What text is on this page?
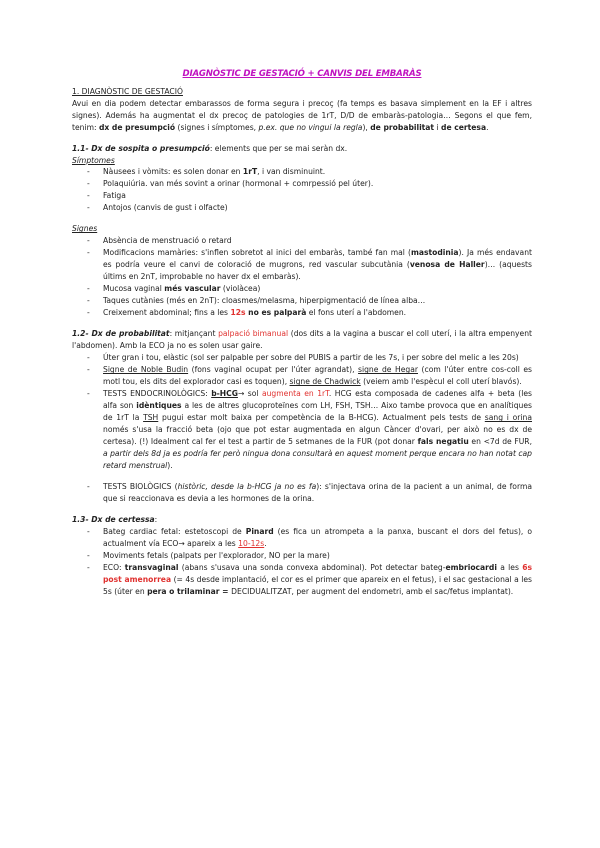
DIAGNÒSTIC DE GESTACIÓ + CANVIS DEL EMBARÀS

1. DIAGNÒSTIC DE GESTACIÓ

Avui en dia podem detectar embarassos de forma segura i precoç (fa temps es basava simplement en la EF i altres signes). Además ha augmentat el dx precoç de patologies de 1rT, D/D de embaràs-patologia… Segons el que fem, tenim: dx de presumpció (signes i símptomes, p.ex. que no vingui la regla), de probabilitat i de certesa.

1.1- Dx de sospita o presumpció: elements que per se mai seràn dx.

Símptomes

- Nàusees i vòmits: es solen donar en 1rT, i van disminuint.
- Polaquiúria. van més sovint a orinar (hormonal + comrpessió pel úter).
- Fatiga
- Antojos (canvis de gust i olfacte)

Signes

- Absència de menstruació o retard
- Modificacions mamàries: s'inflen sobretot al inici del embaràs, també fan mal (mastodinia). Ja més endavant es podría veure el canvi de coloració de mugrons, red vascular subcutània (venosa de Haller)… (aquests últims en 2nT, improbable no haver dx el embaràs).
- Mucosa vaginal més vascular (violàcea)
- Taques cutànies (més en 2nT): cloasmes/melasma, hiperpigmentació de línea alba…
- Creixement abdominal; fins a les 12s no es palparà el fons uterí a l'abdomen.

1.2- Dx de probabilitat: mitjançant palpació bimanual (dos dits a la vagina a buscar el coll uterí, i la altra empenyent l'abdomen). Amb la ECO ja no es solen usar gaire.

- Úter gran i tou, elàstic (sol ser palpable per sobre del PUBIS a partir de les 7s, i per sobre del melic a les 20s)
- Signe de Noble Budin (fons vaginal ocupat per l'úter agrandat), signe de Hegar (com l'úter entre cos-coll es motl tou, els dits del explorador casi es toquen), signe de Chadwick (veiem amb l'espècul el coll uterí blavós).
- TESTS ENDOCRINOLÒGICS: b-HCG→ sol augmenta en 1rT. HCG esta composada de cadenes alfa + beta (les alfa son idèntiques a les de altres glucoproteïnes com LH, FSH, TSH… Aixo tambe provoca que en analítiques de 1rT la TSH pugui estar molt baixa per competència de la B-HCG). Actualment pels tests de sang i orina només s'usa la fracció beta (ojo que pot estar augmentada en algun Càncer d'ovari, per això no es dx de certesa). (!) Idealment cal fer el test a partir de 5 setmanes de la FUR (pot donar fals negatiu en <7d de FUR, a partir dels 8d ja es podría fer però ningua dona consultarà en aquest moment perque encara no han notat cap retard menstrual).
- TESTS BIOLÒGICS (històric, desde la b-HCG ja no es fa): s'injectava orina de la pacient a un animal, de forma que si reaccionava es devia a les hormones de la orina.

1.3- Dx de certessa:

- Bateg cardiac fetal: estetoscopi de Pinard (es fica un atrompeta a la panxa, buscant el dors del fetus), o actualment vía ECO→ apareix a les 10-12s.
- Moviments fetals (palpats per l'explorador, NO per la mare)
- ECO: transvaginal (abans s'usava una sonda convexa abdominal). Pot detectar bateg-embriocardi a les 6s post amenorrea (= 4s desde implantació, el cor es el primer que apareix en el fetus), i el sac gestacional a les 5s (úter en pera o trilaminar = DECIDUALITZAT, per augment del endometri, amb el sac/fetus implantat).
